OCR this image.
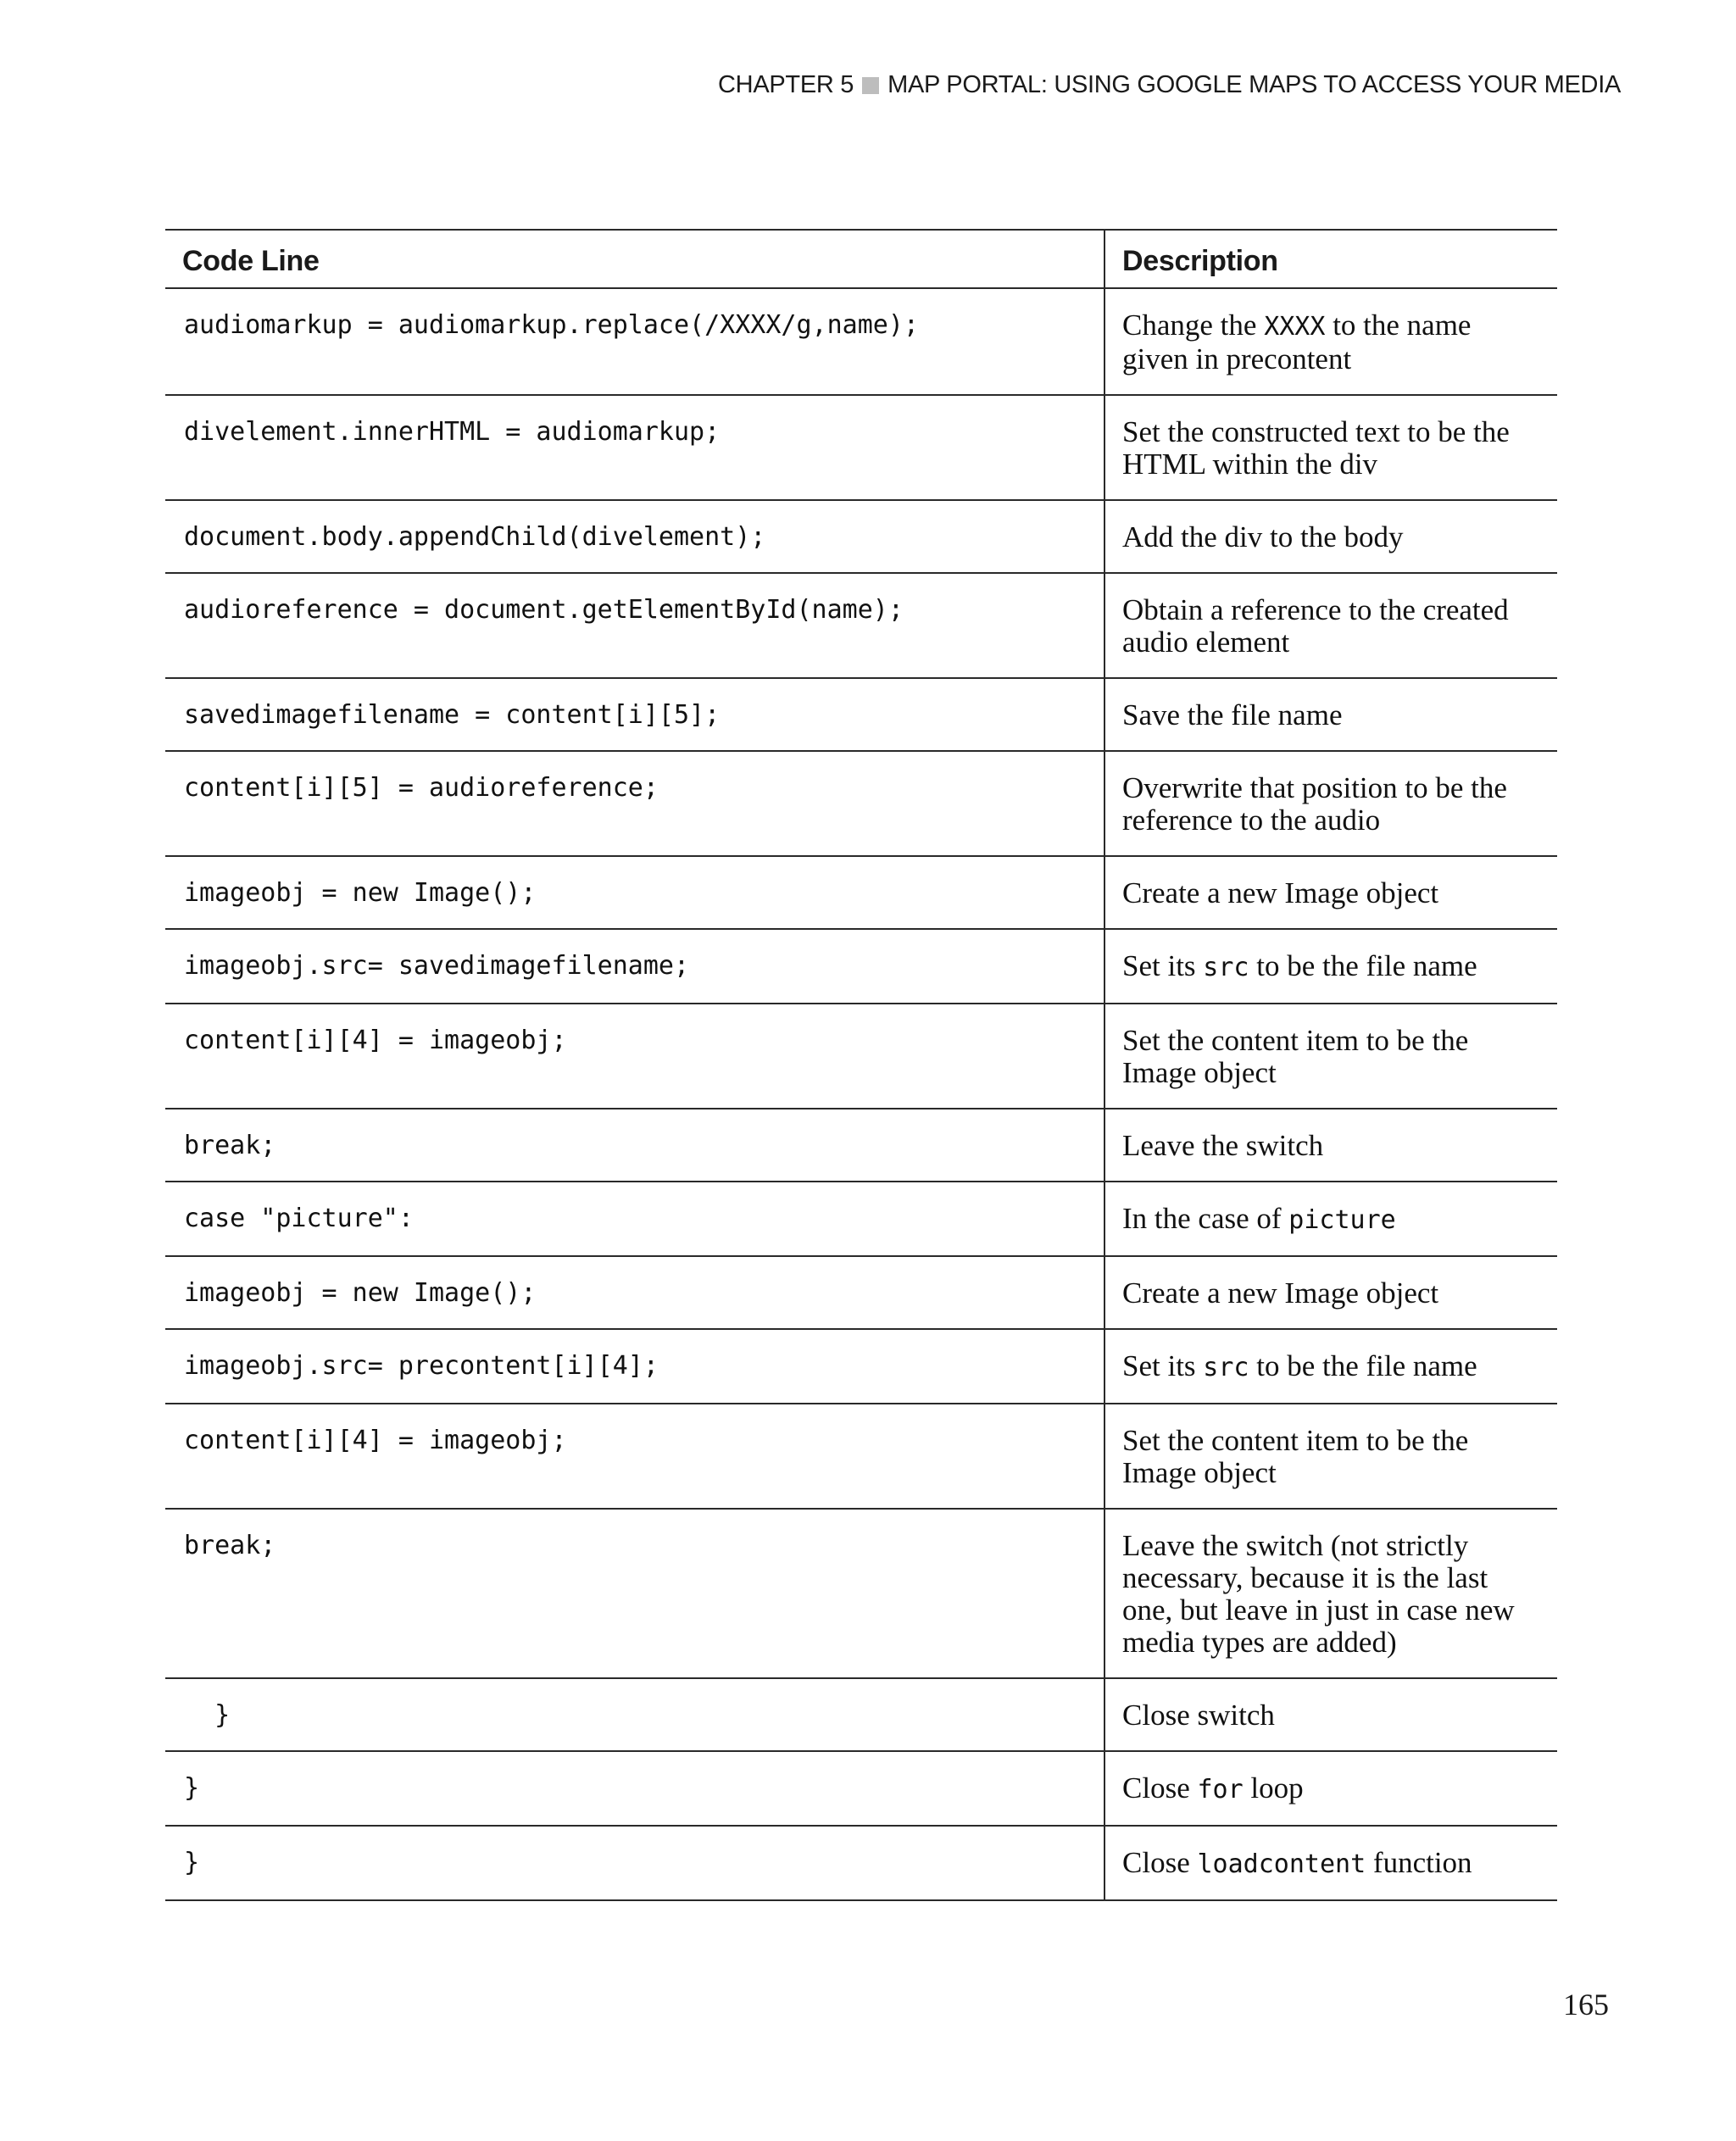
CHAPTER 5 MAP PORTAL: USING GOOGLE MAPS TO ACCESS YOUR MEDIA
Code Line	Description
audiomarkup = audiomarkup.replace(/XXXX/g,name);	Change the XXXX to the name given in precontent
divelement.innerHTML = audiomarkup;	Set the constructed text to be the HTML within the div
document.body.appendChild(divelement);	Add the div to the body
audioreference = document.getElementById(name);	Obtain a reference to the created audio element
savedimagefilename = content[i][5];	Save the file name
content[i][5] = audioreference;	Overwrite that position to be the reference to the audio
imageobj = new Image();	Create a new Image object
imageobj.src= savedimagefilename;	Set its src to be the file name
content[i][4] = imageobj;	Set the content item to be the Image object
break;	Leave the switch
case "picture":	In the case of picture
imageobj = new Image();	Create a new Image object
imageobj.src= precontent[i][4];	Set its src to be the file name
content[i][4] = imageobj;	Set the content item to be the Image object
break;	Leave the switch (not strictly necessary, because it is the last one, but leave in just in case new media types are added)
}	Close switch
}	Close for loop
}	Close loadcontent function
165
